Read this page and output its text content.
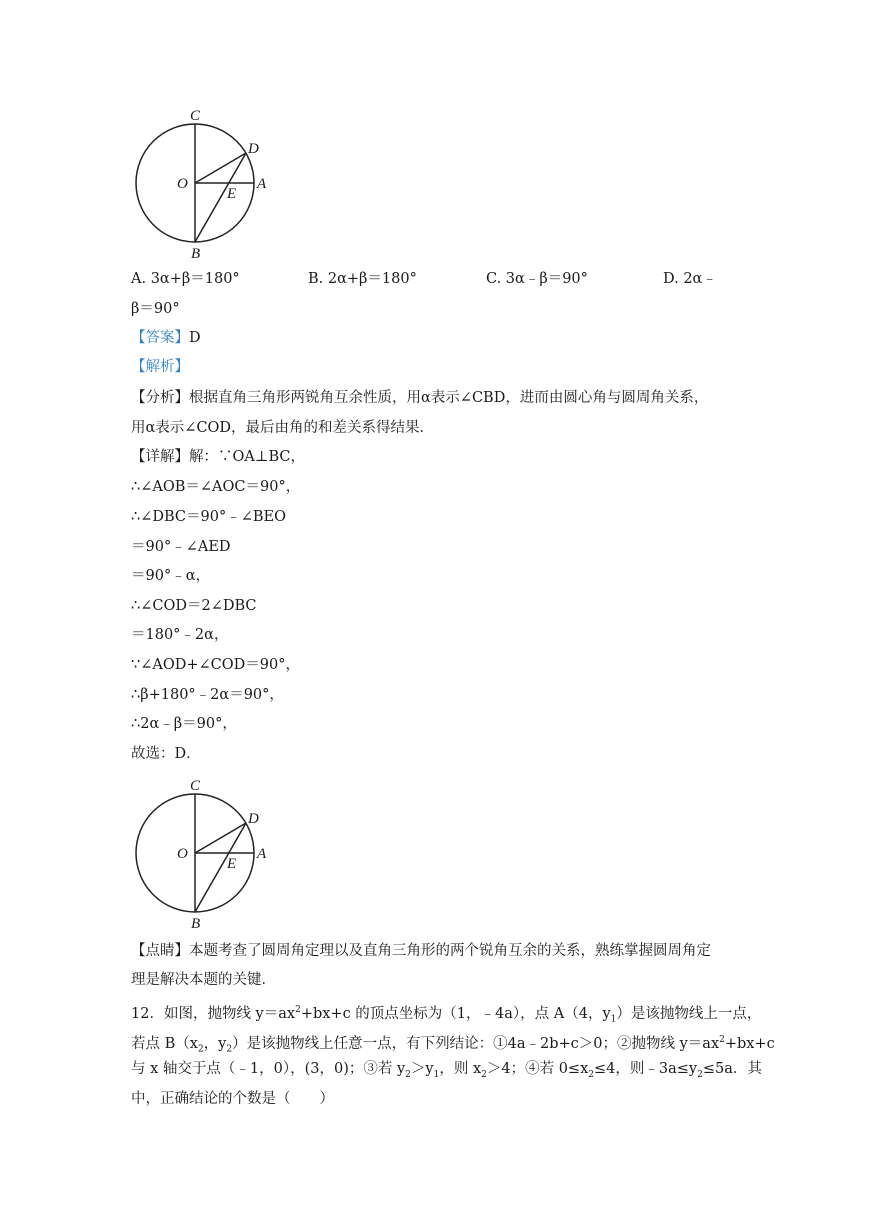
C
D
O	A
E
B
A. 3α+β＝180°	B. 2α+β＝180°	C. 3α﹣β＝90°	D. 2α﹣
β＝90°
【答案】D
【解析】
【分析】根据直角三角形两锐角互余性质，用α表示∠CBD，进而由圆心角与圆周角关系，
用α表示∠COD，最后由角的和差关系得结果．
【详解】解：∵OA⊥BC，
∴∠AOB＝∠AOC＝90°，
∴∠DBC＝90°﹣∠BEO
＝90°﹣∠AED
＝90°﹣α，
∴∠COD＝2∠DBC
＝180°﹣2α，
∵∠AOD+∠COD＝90°，
∴β+180°﹣2α＝90°，
∴2α﹣β＝90°，
故选：D．
C
D
O	A
E
B
【点睛】本题考查了圆周角定理以及直角三角形的两个锐角互余的关系，熟练掌握圆周角定
理是解决本题的关键．
12．如图，抛物线 $y=ax^2+bx+c$ 的顶点坐标为（1，﹣4a），点 A（4，$y_1$）是该抛物线上一点，
若点 $B(x_2$，$y_2$）是该抛物线上任意一点，有下列结论：①4a﹣2b+c＞0；②抛物线 $y=ax^2+bx+c$
与 x 轴交于点（﹣1，0），(3，0)；③若 $y_2>y_1$，则 $x_2>4$；④若 $0\le x_2\le 4$，则$﹣3a\le y_2\le 5a$．其
中，正确结论的个数是（　　）
